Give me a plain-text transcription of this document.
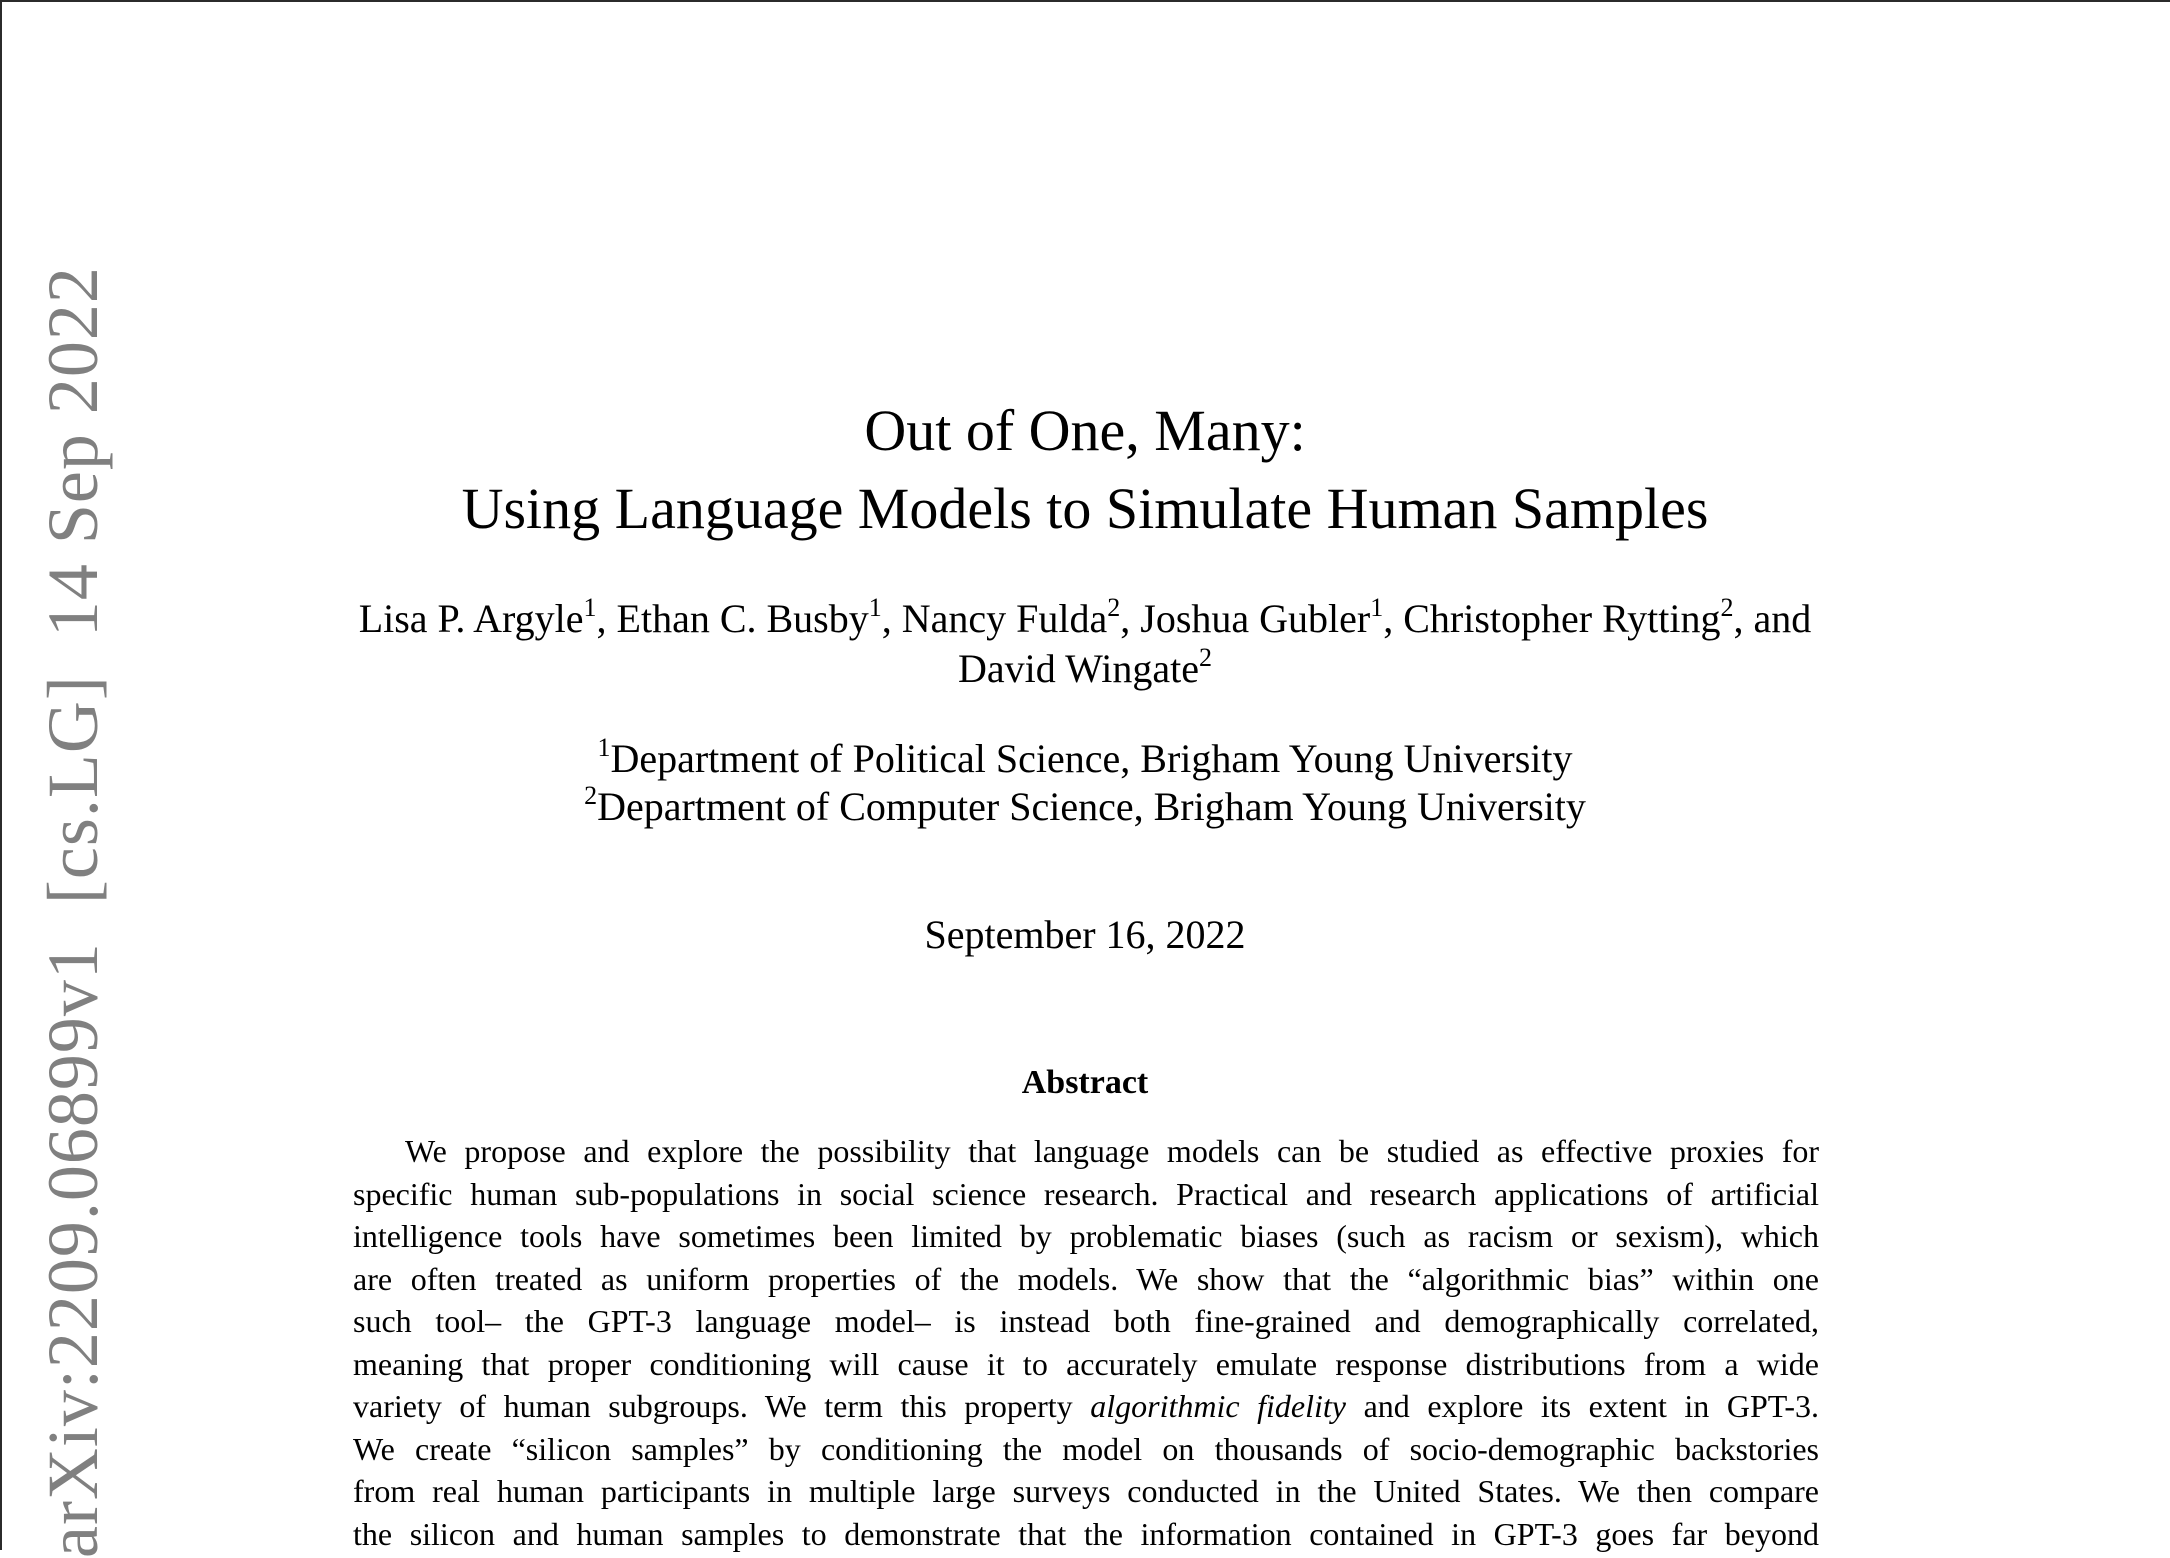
arXiv:2209.06899v1  [cs.LG]  14 Sep 2022	Out of One, Many:
Using Language Models to Simulate Human Samples
Lisa P. Argyle$^1$, Ethan C. Busby$^1$, Nancy Fulda$^2$, Joshua Gubler$^1$, Christopher Rytting$^2$, and
David Wingate$^2$
$^1$Department of Political Science, Brigham Young University
$^2$Department of Computer Science, Brigham Young University
September 16, 2022
Abstract
We propose and explore the possibility that language models can be studied as effective proxies for
specific human sub-populations in social science research. Practical and research applications of artificial
intelligence tools have sometimes been limited by problematic biases (such as racism or sexism), which
are often treated as uniform properties of the models. We show that the “algorithmic bias” within one
such tool– the GPT-3 language model– is instead both fine-grained and demographically correlated,
meaning that proper conditioning will cause it to accurately emulate response distributions from a wide
variety of human subgroups. We term this property algorithmic fidelity and explore its extent in GPT-3.
We create “silicon samples” by conditioning the model on thousands of socio-demographic backstories
from real human participants in multiple large surveys conducted in the United States. We then compare
the silicon and human samples to demonstrate that the information contained in GPT-3 goes far beyond
